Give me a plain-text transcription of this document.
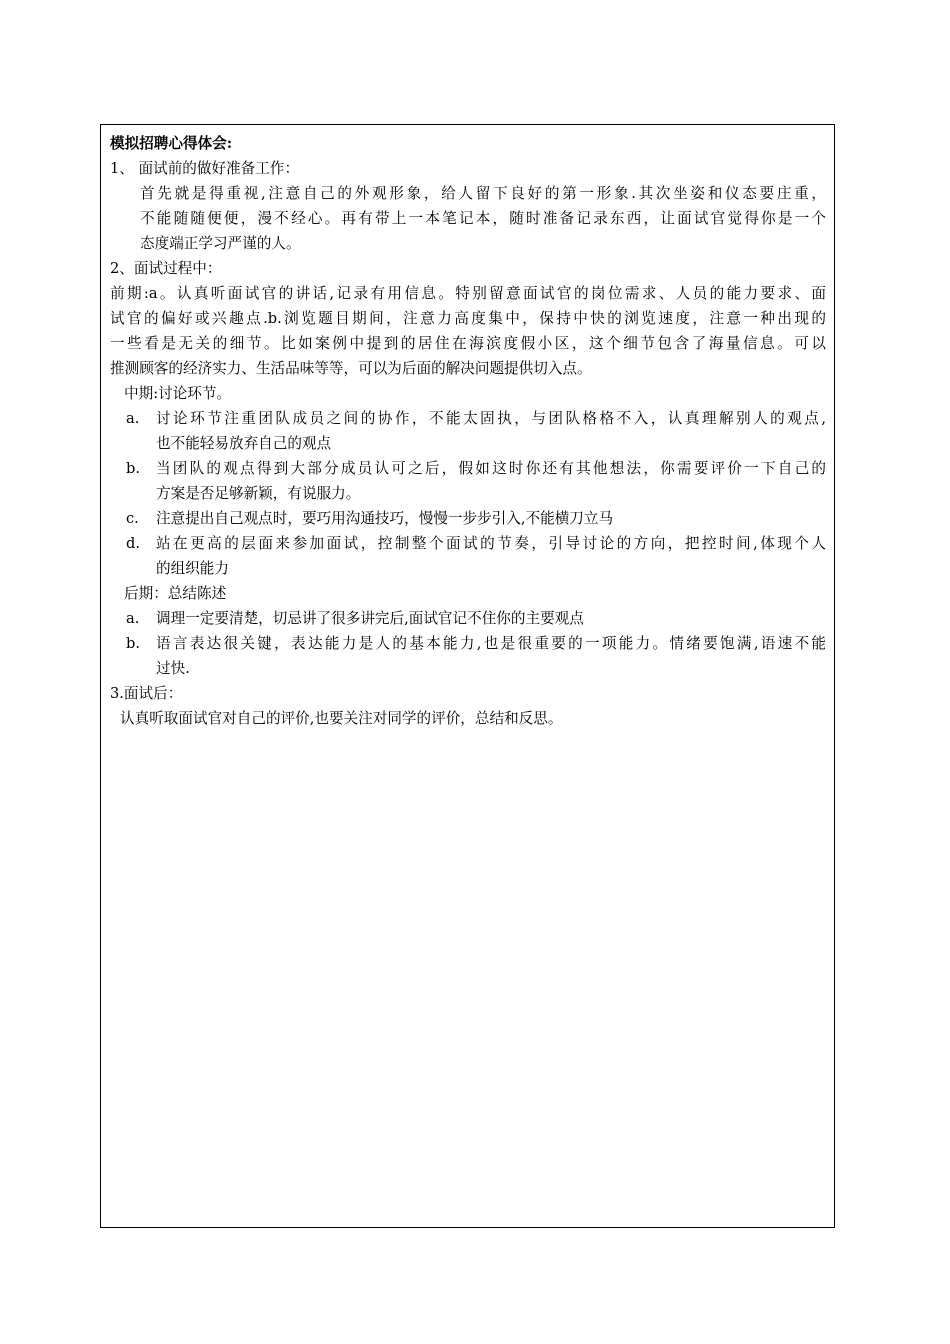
模拟招聘心得体会:
1、 面试前的做好准备工作：
首先就是得重视,注意自己的外观形象，给人留下良好的第一形象.其次坐姿和仪态要庄重，
不能随随便便，漫不经心。再有带上一本笔记本，随时准备记录东西，让面试官觉得你是一个
态度端正学习严谨的人。
2、面试过程中：
前期:a。认真听面试官的讲话,记录有用信息。特别留意面试官的岗位需求、人员的能力要求、面
试官的偏好或兴趣点.b.浏览题目期间，注意力高度集中，保持中快的浏览速度，注意一种出现的
一些看是无关的细节。比如案例中提到的居住在海滨度假小区，这个细节包含了海量信息。可以
推测顾客的经济实力、生活品味等等，可以为后面的解决问题提供切入点。
中期:讨论环节。
a.	讨论环节注重团队成员之间的协作，不能太固执，与团队格格不入，认真理解别人的观点,
也不能轻易放弃自己的观点
b.	当团队的观点得到大部分成员认可之后，假如这时你还有其他想法，你需要评价一下自己的
方案是否足够新颖，有说服力。
c.	注意提出自己观点时，要巧用沟通技巧，慢慢一步步引入,不能横刀立马
d.	站在更高的层面来参加面试，控制整个面试的节奏，引导讨论的方向，把控时间,体现个人
的组织能力
后期：总结陈述
a.	调理一定要清楚，切忌讲了很多讲完后,面试官记不住你的主要观点
b.	语言表达很关键，表达能力是人的基本能力,也是很重要的一项能力。情绪要饱满,语速不能
过快.
3.面试后：
认真听取面试官对自己的评价,也要关注对同学的评价，总结和反思。
